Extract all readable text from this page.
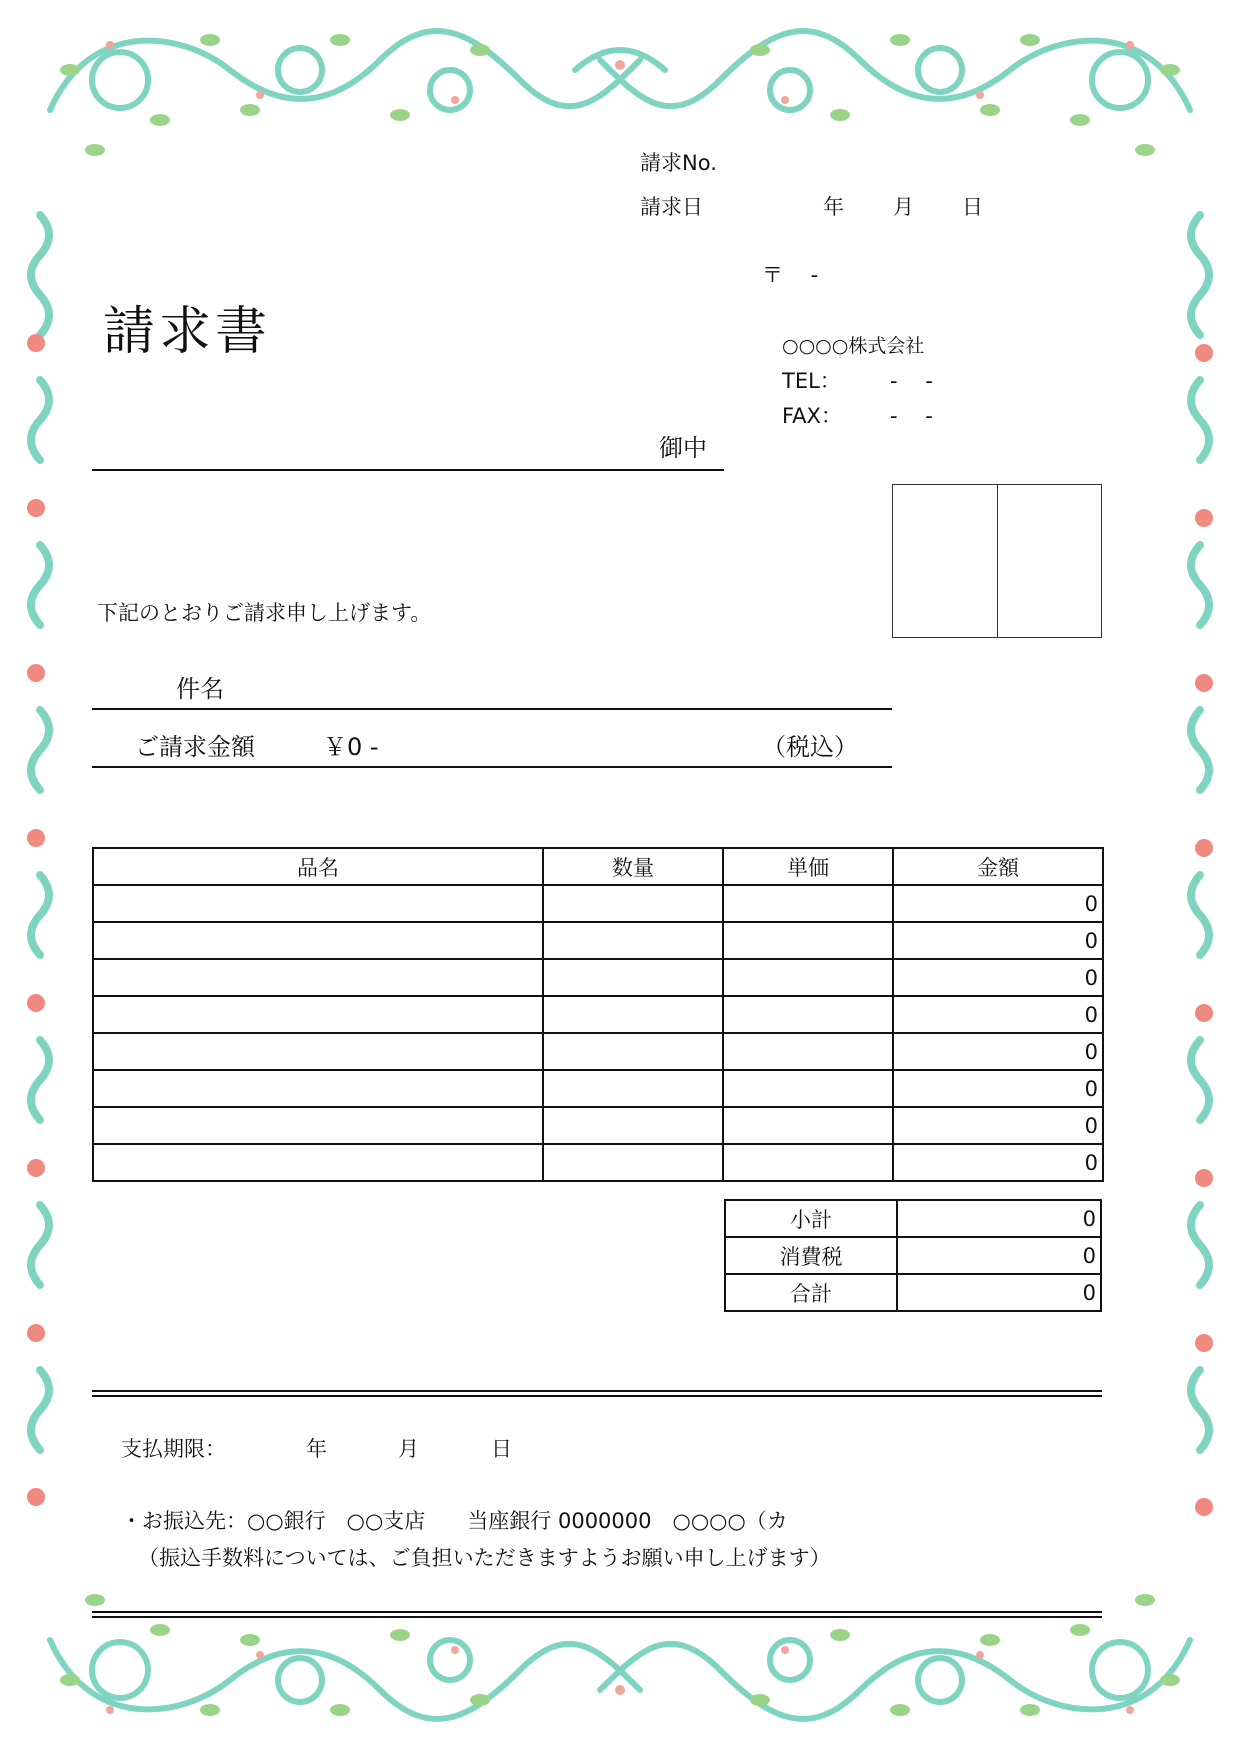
請求No.
請求日	年 月 日
請求書
〒　 -
○○○○株式会社
TEL： -　 -
FAX： -　 -
御中
下記のとおりご請求申し上げます。
件名
ご請求金額	￥0 -	（税込）
品名	数量	単価	金額
			0
			0
			0
			0
			0
			0
			0
			0
小計	0
消費税	0
合計	0
支払期限：	年	月	日
・お振込先：○○銀行　○○支店　　当座銀行 0000000　○○○○（カ
（振込手数料については、ご負担いただきますようお願い申し上げます）
